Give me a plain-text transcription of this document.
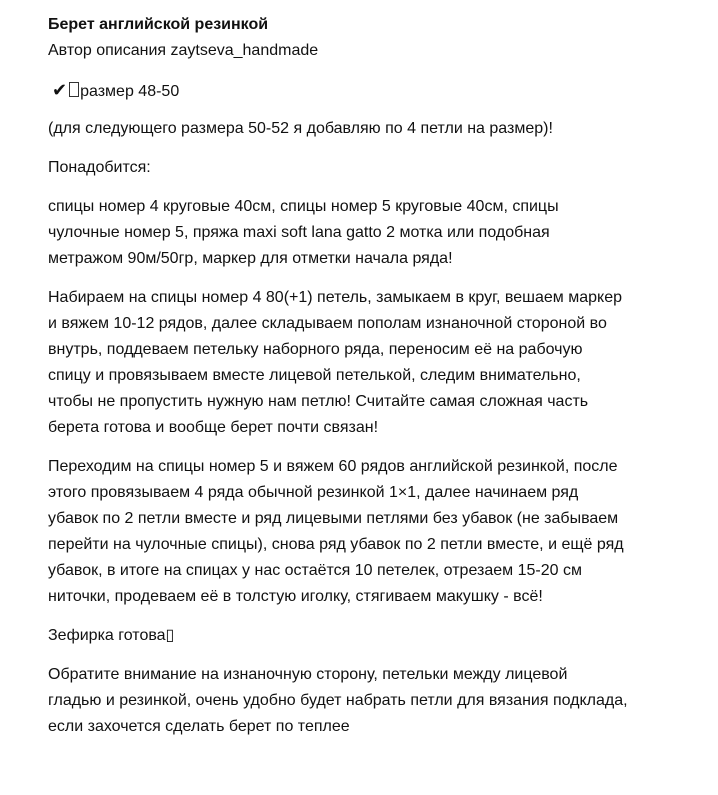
Берет английской резинкой
Автор описания zaytseva_handmade
✔ размер 48-50
(для следующего размера 50-52 я добавляю по 4 петли на размер)!
Понадобится:
спицы номер 4 круговые 40см, спицы номер 5 круговые 40см, спицы
чулочные номер 5, пряжа maxi soft lana gatto 2 мотка или подобная
метражом 90м/50гр, маркер для отметки начала ряда!
Набираем на спицы номер 4 80(+1) петель, замыкаем в круг, вешаем маркер
и вяжем 10-12 рядов, далее складываем пополам изнаночной стороной во
внутрь, поддеваем петельку наборного ряда, переносим её на рабочую
спицу и провязываем вместе лицевой петелькой, следим внимательно,
чтобы не пропустить нужную нам петлю! Считайте самая сложная часть
берета готова и вообще берет почти связан!
Переходим на спицы номер 5 и вяжем 60 рядов английской резинкой, после
этого провязываем 4 ряда обычной резинкой 1×1, далее начинаем ряд
убавок по 2 петли вместе и ряд лицевыми петлями без убавок (не забываем
перейти на чулочные спицы), снова ряд убавок по 2 петли вместе, и ещё ряд
убавок, в итоге на спицах у нас остаётся 10 петелек, отрезаем 15-20 см
ниточки, продеваем её в толстую иголку, стягиваем макушку - всё!
Зефирка готова▯
Обратите внимание на изнаночную сторону, петельки между лицевой
гладью и резинкой, очень удобно будет набрать петли для вязания подклада,
если захочется сделать берет по теплее
